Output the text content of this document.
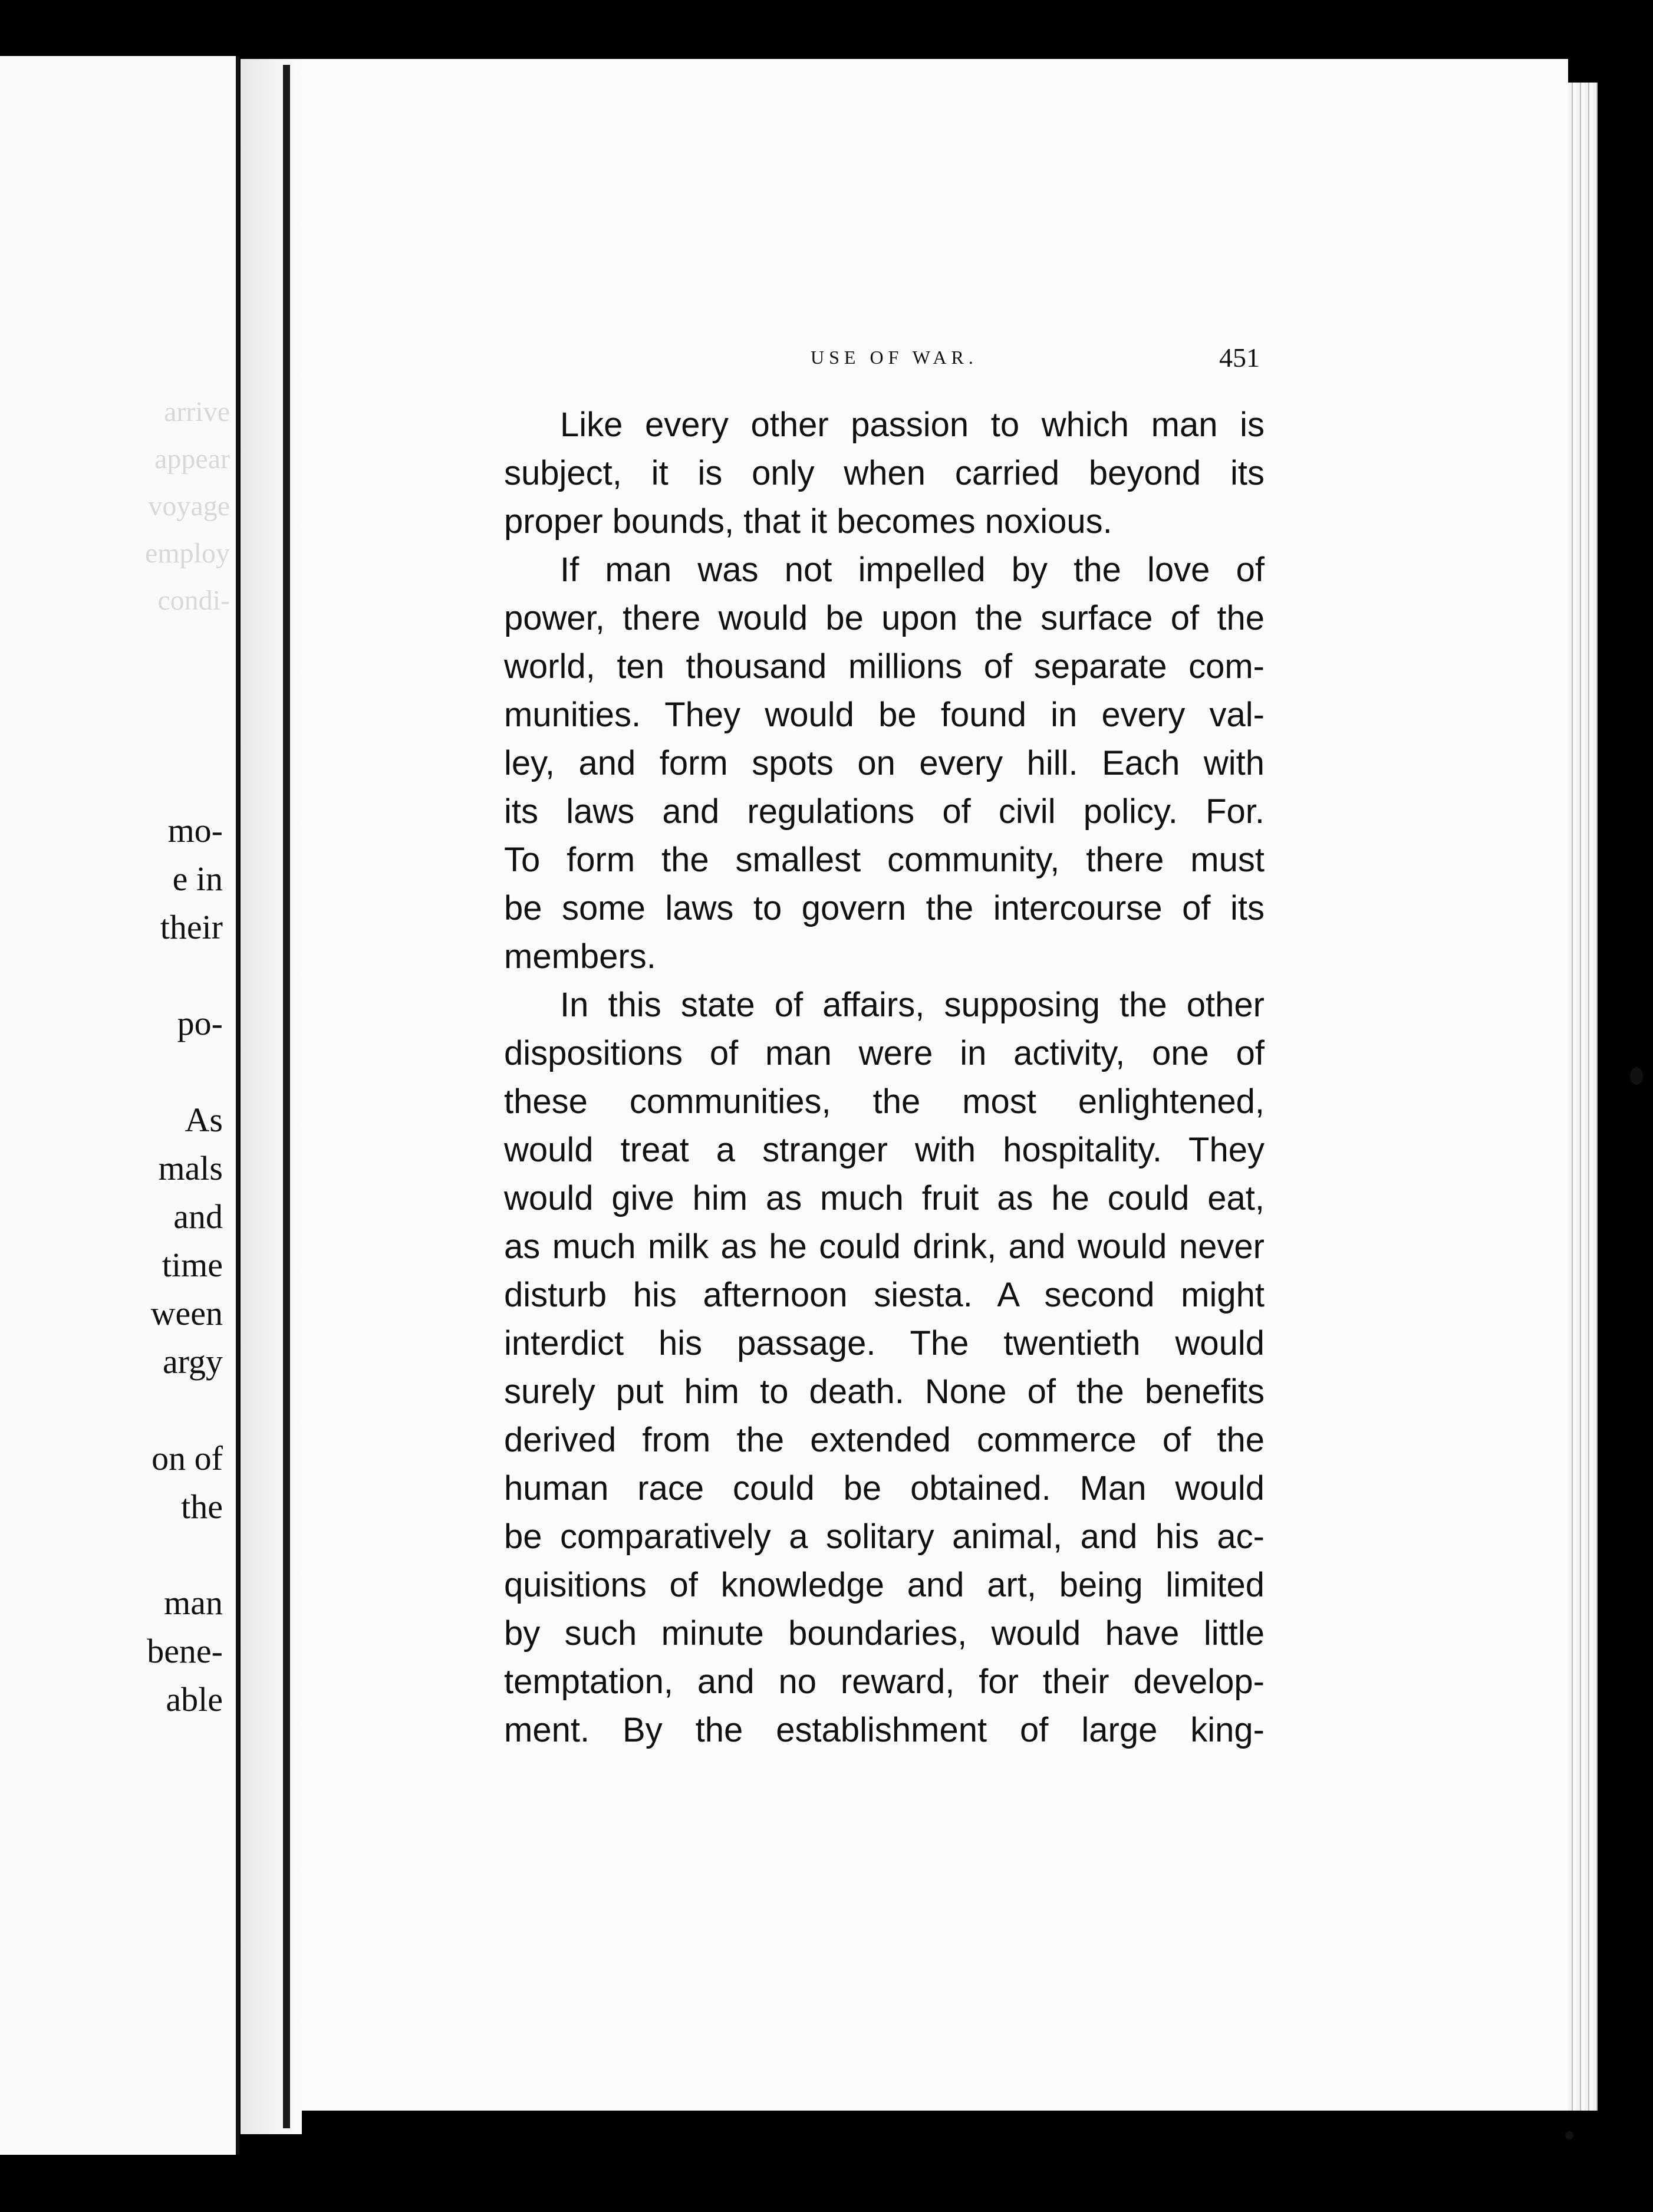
arrive
appear
voyage
employ
condi-
mo-
e in
their
po-
As
mals
and
time
ween
argy
on of
the
man
bene-
able
USE OF WAR.	451
Like every other passion to which man is
subject, it is only when carried beyond its
proper bounds, that it becomes noxious.
If man was not impelled by the love of
power, there would be upon the surface of the
world, ten thousand millions of separate com-
munities. They would be found in every val-
ley, and form spots on every hill. Each with
its laws and regulations of civil policy. For.
To form the smallest community, there must
be some laws to govern the intercourse of its
members.
In this state of affairs, supposing the other
dispositions of man were in activity, one of
these communities, the most enlightened,
would treat a stranger with hospitality. They
would give him as much fruit as he could eat,
as much milk as he could drink, and would never
disturb his afternoon siesta. A second might
interdict his passage. The twentieth would
surely put him to death. None of the benefits
derived from the extended commerce of the
human race could be obtained. Man would
be comparatively a solitary animal, and his ac-
quisitions of knowledge and art, being limited
by such minute boundaries, would have little
temptation, and no reward, for their develop-
ment. By the establishment of large king-
